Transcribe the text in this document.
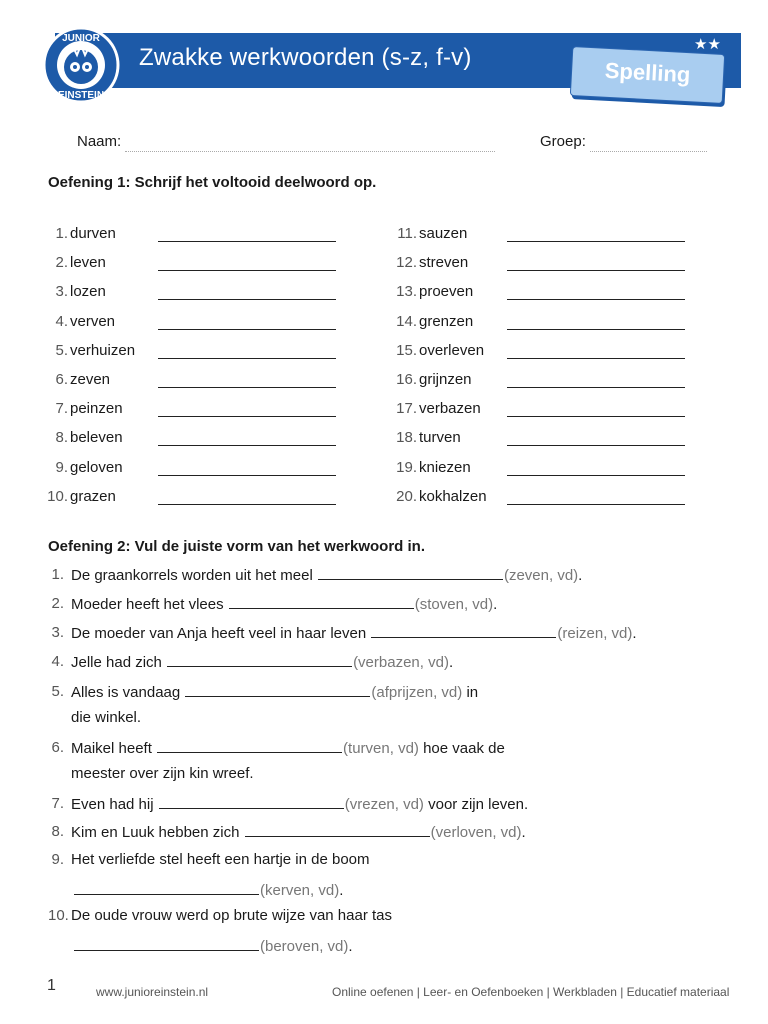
JUNIOR
EINSTEIN
Zwakke werkwoorden (s-z, f-v)	★★
Spelling
Naam:	Groep:
Oefening 1: Schrijf het voltooid deelwoord op.
1. durven
2. leven
3. lozen
4. verven
5. verhuizen
6. zeven
7. peinzen
8. beleven
9. geloven
10. grazen
11. sauzen
12. streven
13. proeven
14. grenzen
15. overleven
16. grijnzen
17. verbazen
18. turven
19. kniezen
20. kokhalzen
Oefening 2: Vul de juiste vorm van het werkwoord in.
1. De graankorrels worden uit het meel	(zeven, vd).
2. Moeder heeft het vlees	(stoven, vd).
3. De moeder van Anja heeft veel in haar leven	(reizen, vd).
4. Jelle had zich	(verbazen, vd).
5. Alles is vandaag	(afprijzen, vd) in
die winkel.
6. Maikel heeft	(turven, vd) hoe vaak de
meester over zijn kin wreef.
7. Even had hij	(vrezen, vd) voor zijn leven.
8. Kim en Luuk hebben zich	(verloven, vd).
9. Het verliefde stel heeft een hartje in de boom
(kerven, vd).
10. De oude vrouw werd op brute wijze van haar tas
(beroven, vd).
1	www.junioreinstein.nl	Online oefenen | Leer- en Oefenboeken | Werkbladen | Educatief materiaal
